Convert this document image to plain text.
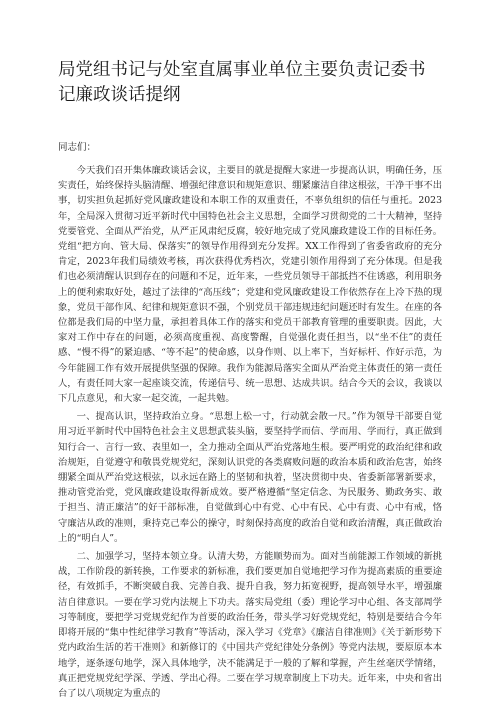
局党组书记与处室直属事业单位主要负责记委书记廉政谈话提纲

同志们：

今天我们召开集体廉政谈话会议，主要目的就是提醒大家进一步提高认识，明确任务，压实责任，始终保持头脑清醒、增强纪律意识和规矩意识、绷紧廉洁自律这根弦，干净干事不出事，切实担负起抓好党风廉政建设和本职工作的双重责任，不辜负组织的信任与重托。2023年，全局深入贯彻习近平新时代中国特色社会主义思想，全面学习贯彻党的二十大精神，坚持党要管党、全面从严治党，从严正风肃纪反腐，较好地完成了党风廉政建设工作的目标任务。党组“把方向、管大局、保落实”的领导作用得到充分发挥。XX工作得到了省委省政府的充分肯定，2023年我们局绩效考核，再次获得优秀档次，党建引领作用得到了充分体现。但是我们也必须清醒认识到存在的问题和不足，近年来，一些党员领导干部抵挡不住诱惑，利用职务上的便利索取好处，越过了法律的“高压线”；党建和党风廉政建设工作依然存在上冷下热的现象，党员干部作风、纪律和规矩意识不强，个别党员干部违规违纪问题还时有发生。在座的各位都是我们局的中坚力量，承担着具体工作的落实和党员干部教育管理的重要职责。因此，大家对工作中存在的问题，必须高度重视、高度警醒，自觉强化责任担当，以“坐不住”的责任感、“慢不得”的紧迫感、“等不起”的使命感，以身作则、以上率下，当好标杆、作好示范，为今年能圆工作有效开展提供坚强的保障。我作为能源局落实全面从严治党主体责任的第一责任人，有责任同大家一起座谈交流，传递信号、统一思想、达成共识。结合今天的会议，我谈以下几点意见，和大家一起交流，一起共勉。

一、提高认识，坚持政治立身。“思想上松一寸，行动就会散一尺。”作为领导干部要自觉用习近平新时代中国特色社会主义思想武装头脑，要坚持学而信、学而用、学而行，真正做到知行合一、言行一致、表里如一，全力推动全面从严治党落地生根。要严明党的政治纪律和政治规矩，自觉遵守和敬畏党规党纪，深刻认识党的各类腐败问题的政治本质和政治危害，始终绷紧全面从严治党这根弦，以永远在路上的坚韧和执着，坚决贯彻中央、省委新部署新要求，推动管党治党，党风廉政建设取得新成效。要严格遵循“坚定信念、为民服务、勤政务实、敢于担当、清正廉洁”的好干部标准，自觉做到心中有党、心中有民、心中有责、心中有戒，恪守廉洁从政的准则，秉持克己奉公的操守，时刻保持高度的政治自觉和政治清醒，真正做政治上的“明白人”。

二、加强学习，坚持本领立身。认清大势，方能顺势而为。面对当前能源工作领域的新挑战，工作阶段的新转换，工作要求的新标准，我们要更加自觉地把学习作为提高素质的重要途径，有效抓手，不断突破自我、完善自我、提升自我，努力拓宽视野，提高领导水平，增强廉洁自律意识。一要在学习党内法规上下功夫。落实局党组（委）理论学习中心组、各支部周学习等制度，要把学习党规党纪作为首要的政治任务，带头学习好党规党纪，特别是要结合今年即将开展的“集中性纪律学习教育”等活动，深入学习《党章》《廉洁自律准则》《关于新形势下党内政治生活的若干准则》和新修订的《中国共产党纪律处分条例》等党内法规，要原原本本地学，逐条逐句地学，深入具体地学，决不能满足于一般的了解和掌握，产生丝毫厌学情绪，真正把党规党纪学深、学透、学出心得。二要在学习规章制度上下功夫。近年来，中央和省出台了以八项规定为重点的
